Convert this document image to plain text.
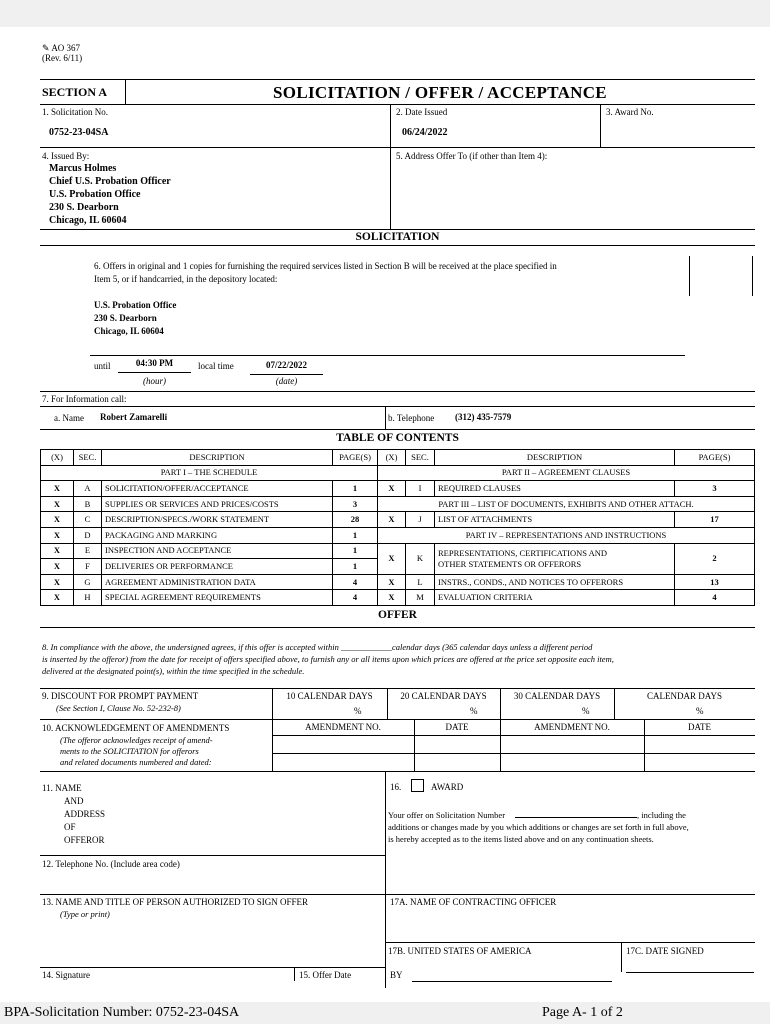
✎ AO 367
(Rev. 6/11)
SECTION A	SOLICITATION / OFFER / ACCEPTANCE
1. Solicitation No.
0752-23-04SA
2. Date Issued
06/24/2022
3. Award No.
4. Issued By:
Marcus Holmes
Chief U.S. Probation Officer
U.S. Probation Office
230 S. Dearborn
Chicago, IL 60604
5. Address Offer To (if other than Item 4):
SOLICITATION
6. Offers in original and 1 copies for furnishing the required services listed in Section B will be received at the place specified in
Item 5, or if handcarried, in the depository located:
U.S. Probation Office
230 S. Dearborn
Chicago, IL 60604
until	04:30 PM
(hour)
local time	07/22/2022
(date)
7. For Information call:
a. Name Robert Zamarelli	b. Telephone (312) 435-7579
TABLE OF CONTENTS
(X)	SEC.	DESCRIPTION	PAGE(S)	(X)	SEC.	DESCRIPTION	PAGE(S)
PART I – THE SCHEDULE				PART II – AGREEMENT CLAUSES			
X	A	SOLICITATION/OFFER/ACCEPTANCE	1	X	I	REQUIRED CLAUSES	3
X	B	SUPPLIES OR SERVICES AND PRICES/COSTS	3	PART III – LIST OF DOCUMENTS, EXHIBITS AND OTHER ATTACH.			
X	C	DESCRIPTION/SPECS./WORK STATEMENT	28	X	J	LIST OF ATTACHMENTS	17
X	D	PACKAGING AND MARKING	1	PART IV – REPRESENTATIONS AND INSTRUCTIONS			
X	E	INSPECTION AND ACCEPTANCE	1	X	K	REPRESENTATIONS, CERTIFICATIONS AND
OTHER STATEMENTS OR OFFERORS	2
X	F	DELIVERIES OR PERFORMANCE	1				
X	G	AGREEMENT ADMINISTRATION DATA	4	X	L	INSTRS., CONDS., AND NOTICES TO OFFERORS	13
X	H	SPECIAL AGREEMENT REQUIREMENTS	4	X	M	EVALUATION CRITERIA	4
OFFER
8. In compliance with the above, the undersigned agrees, if this offer is accepted within ____________calendar days (365 calendar days unless a different period
is inserted by the offeror) from the date for receipt of offers specified above, to furnish any or all items upon which prices are offered at the price set opposite each item,
delivered at the designated point(s), within the time specified in the schedule.
9. DISCOUNT FOR PROMPT PAYMENT
(See Section I, Clause No. 52-232-8)
10 CALENDAR DAYS	20 CALENDAR DAYS	30 CALENDAR DAYS	CALENDAR DAYS
%	%	%	%
10. ACKNOWLEDGEMENT OF AMENDMENTS
(The offeror acknowledges receipt of amend-
ments to the SOLICITATION for offerors
and related documents numbered and dated:
AMENDMENT NO.	DATE	AMENDMENT NO.	DATE
11. NAME
AND
ADDRESS
OF
OFFEROR
16.	AWARD
Your offer on Solicitation Number	, including the
additions or changes made by you which additions or changes are set forth in full above,
is hereby accepted as to the items listed above and on any continuation sheets.
12. Telephone No. (Include area code)
13. NAME AND TITLE OF PERSON AUTHORIZED TO SIGN OFFER
(Type or print)
17A. NAME OF CONTRACTING OFFICER
17B. UNITED STATES OF AMERICA	17C. DATE SIGNED
14. Signature	15. Offer Date	BY
BPA-Solicitation Number: 0752-23-04SA	Page A- 1 of 2
